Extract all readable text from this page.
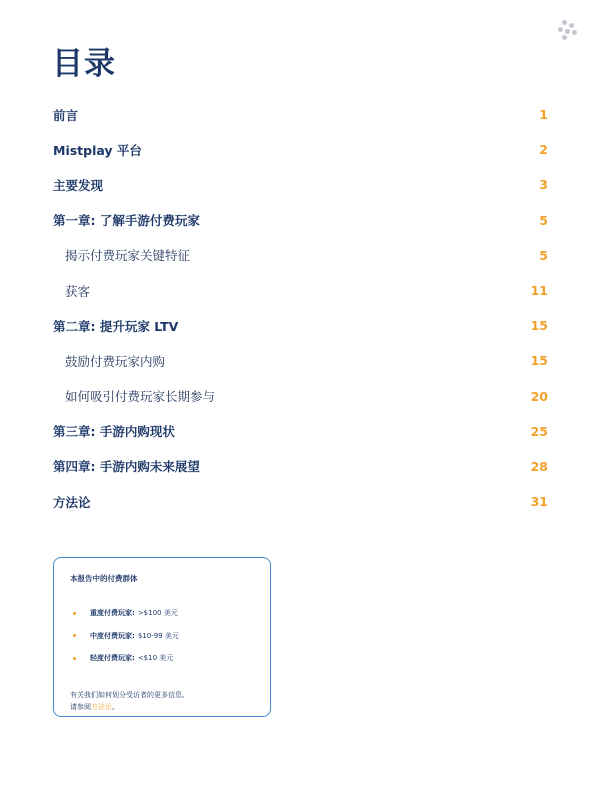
目录
前言	1
Mistplay 平台	2
主要发现	3
第一章: 了解手游付费玩家	5
揭示付费玩家关键特征	5
获客	11
第二章: 提升玩家 LTV	15
鼓励付费玩家内购	15
如何吸引付费玩家长期参与	20
第三章: 手游内购现状	25
第四章: 手游内购未来展望	28
方法论	31
本报告中的付费群体
重度付费玩家: >$100 美元
中度付费玩家: $10-99 美元
轻度付费玩家: <$10 美元

有关我们如何划分受访者的更多信息,
请参阅方法论。
